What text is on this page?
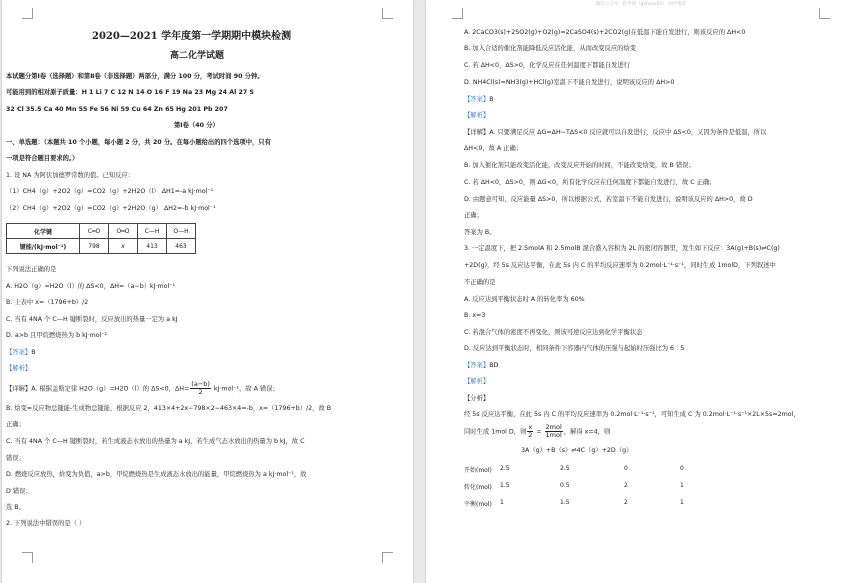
2020—2021 学年度第一学期期中模块检测
高二化学试题
本试题分第Ⅰ卷（选择题）和第Ⅱ卷（非选择题）两部分，满分 100 分，考试时间 90 分钟。
可能用到的相对原子质量：H 1 Li 7 C 12 N 14 O 16 F 19 Na 23 Mg 24 Al 27 S
32 Cl 35.5 Ca 40 Mn 55 Fe 56 Ni 59 Cu 64 Zn 65 Hg 201 Pb 207
第Ⅰ卷（40 分）
一、单选题：（本题共 10 个小题，每小题 2 分，共 20 分。在每小题给出的四个选项中，只有
一项是符合题目要求的。）
1. 设 NA 为阿伏加德罗常数的值。已知反应：
（1）CH4（g）+2O2（g）=CO2（g）+2H2O（l） ΔH1=-a kJ·mol⁻¹
（2）CH4（g）+2O2（g）=CO2（g）+2H2O（g） ΔH2=-b kJ·mol⁻¹
化学键	C═O	O═O	C—H	O—H
键能/(kJ·mol⁻¹)	798	x	413	463
下列说法正确的是
A. H2O（g）=H2O（l）的 ΔS<0，ΔH=（a−b）kJ·mol⁻¹
B. 上表中 x=（1796+b）/2
C. 当有 4NA 个 C—H 键断裂时，反应放出的热量一定为 a kJ
D. a>b 且甲烷燃烧热为 b kJ·mol⁻¹
【答案】B
【解析】
【详解】A. 根据盖斯定律 H2O（g）=H2O（l）的 ΔS<0，$\Delta H= \frac{(a-b)}{2} kJ\cdot mol^{-1}$，故 A 错误；
B. 焓变=反应物总键能-生成物总键能，根据反应 2，413×4+2x−798×2−463×4=-b，x=（1796+b）/2，故 B
正确；
C. 当有 4NA 个 C—H 键断裂时，若生成液态水放出的热量为 a kJ，若生成气态水放出的热量为 b kJ，故 C
错误；
D. 燃烧反应放热，焓变为负值，a>b，甲烷燃烧热是生成液态水放出的能量，甲烷燃烧热为 a kJ·mol⁻¹，故
D 错误；
选 B。
2. 下列说法中错误的是（ ）
微信公众号：化学园（gzhxxx01） 同步推荐
A. 2CaCO3(s)+2SO2(g)+O2(g)=2CaSO4(s)+2CO2(g)在低温下能自发进行，则该反应的 ΔH<0
B. 加入合适的催化剂能降低反应活化能，从而改变反应的焓变
C. 若 ΔH<0，ΔS>0，化学反应在任何温度下都能自发进行
D. NH4Cl(s)=NH3(g)+HCl(g)室温下不能自发进行，说明该反应的 ΔH>0
【答案】B
【解析】
【详解】A. 只要满足反应 ΔG=ΔH−TΔS<0 反应就可以自发进行，反应中 ΔS<0，又因为条件是低温，所以
ΔH<0，故 A 正确；
B. 加入催化剂只能改变活化能，改变反应开始的时间，不能改变焓变，故 B 错误；
C. 若 ΔH<0，ΔS>0，则 ΔG<0，所有化学反应在任何温度下都能自发进行，故 C 正确；
D. 由题意可知，反应能量 ΔS>0，所以根据公式，若室温下不能自发进行，说明该反应的 ΔH>0，故 D
正确；
答案为 B。
3. 一定温度下，把 2.5molA 和 2.5molB 混合盛入容积为 2L 的密闭容器里，发生如下反应：3A(g)+B(s)⇌C(g)
+2D(g)，经 5s 反应达平衡，在此 5s 内 C 的平均反应速率为 0.2mol·L⁻¹·s⁻¹，同时生成 1molD，下列叙述中
不正确的是
A. 反应达到平衡状态时 A 的转化率为 60%
B. x=3
C. 若混合气体的密度不再变化，则该可逆反应达到化学平衡状态
D. 反应达到平衡状态时，相同条件下容器内气体的压强与起始时压强比为 6︰5
【答案】BD
【解析】
【分析】
经 5s 反应达平衡，在此 5s 内 C 的平均反应速率为 0.2mol·L⁻¹·s⁻¹，可知生成 C 为 0.2mol·L⁻¹·s⁻¹×2L×5s=2mol，
同时生成 1mol D，则 $\frac{x}{2} = \frac{\text{2mol}}{\text{1mol}}$ ，解得 x=4，则
3A（g）+B（s）⇌4C（g）+2D（g）
开始(mol) 2.5	2.5	0	0
转化(mol) 1.5	0.5	2	1
平衡(mol) 1	1.5	2	1
